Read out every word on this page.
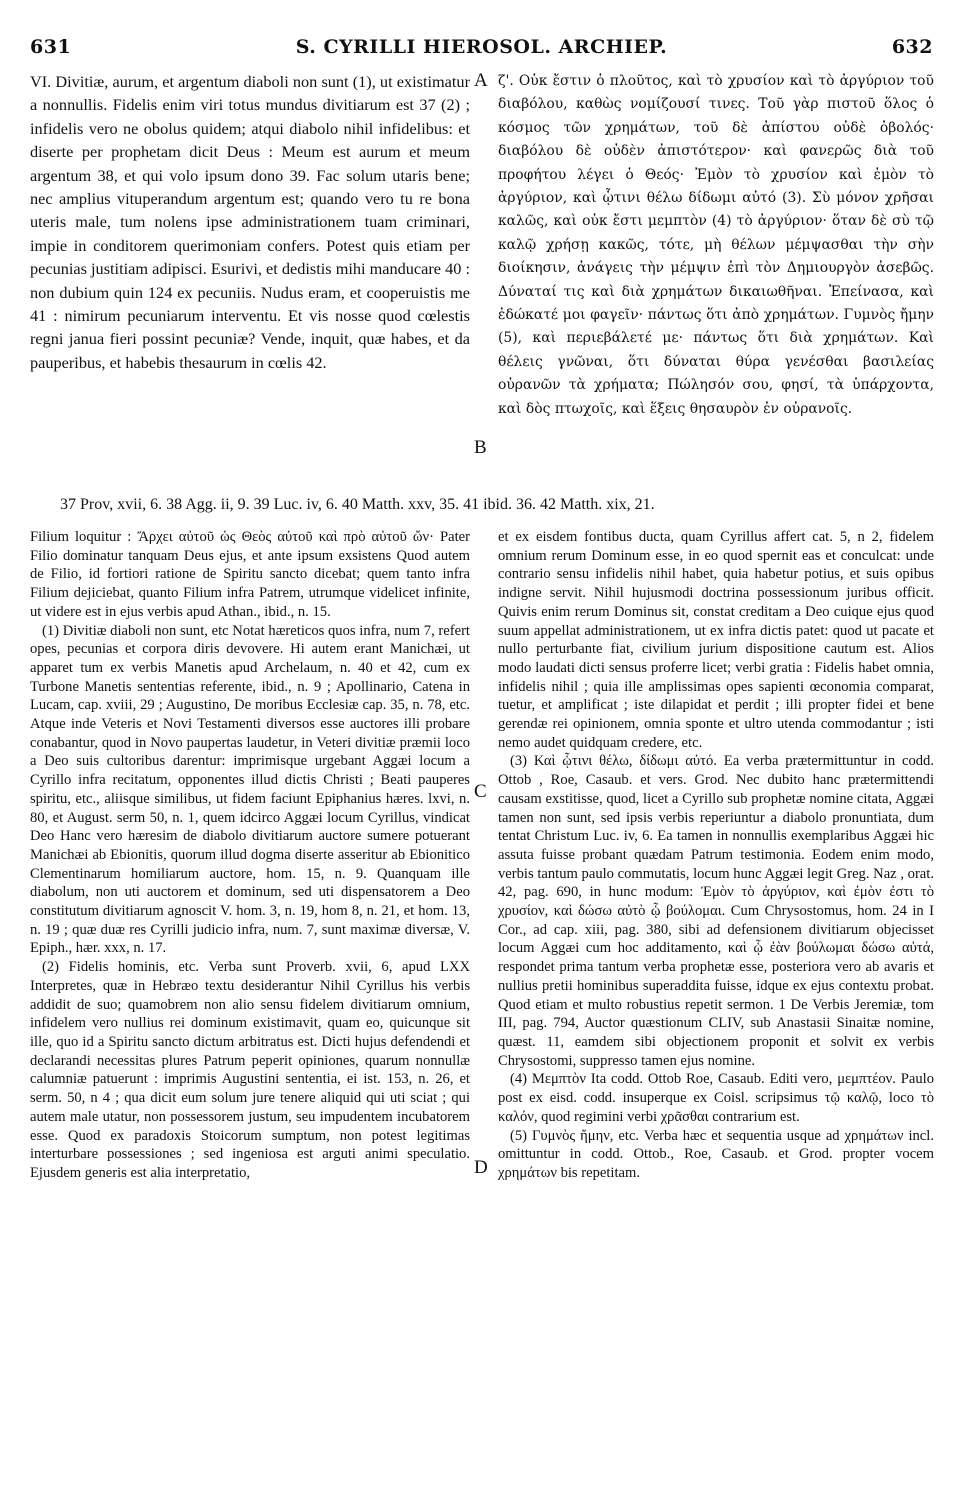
631	S. CYRILLI HIEROSOL. ARCHIEP.	632

VI. Divitiæ, aurum, et argentum diaboli non sunt (1), ut existimatur a nonnullis. Fidelis enim viri totus mundus divitiarum est 37 (2) ; infidelis vero ne obolus quidem; atqui diabolo nihil infidelibus: et diserte per prophetam dicit Deus : Meum est aurum et meum argentum 38, et qui volo ipsum dono 39. Fac solum utaris bene; nec amplius vituperandum argentum est; quando vero tu re bona uteris male, tum nolens ipse administrationem tuam criminari, impie in conditorem querimoniam confers. Potest quis etiam per pecunias justitiam adipisci. Esurivi, et dedistis mihi manducare 40 : non dubium quin 124 ex pecuniis. Nudus eram, et cooperuistis me 41 : nimirum pecuniarum interventu. Et vis nosse quod cœlestis regni janua fieri possint pecuniæ? Vende, inquit, quæ habes, et da pauperibus, et habebis thesaurum in cœlis 42.

ζ'. Οὐκ ἔστιν ὁ πλοῦτος, καὶ τὸ χρυσίον καὶ τὸ ἀργύριον τοῦ διαβόλου, καθὼς νομίζουσί τινες. Τοῦ γὰρ πιστοῦ ὅλος ὁ κόσμος τῶν χρημάτων, τοῦ δὲ ἀπίστου οὐδὲ ὀβολός· διαβόλου δὲ οὐδὲν ἀπιστότερον· καὶ φανερῶς διὰ τοῦ προφήτου λέγει ὁ Θεός· Ἐμὸν τὸ χρυσίον καὶ ἐμὸν τὸ ἀργύριον, καὶ ᾧτινι θέλω δίδωμι αὐτό (3). Σὺ μόνον χρῆσαι καλῶς, καὶ οὐκ ἔστι μεμπτὸν (4) τὸ ἀργύριον· ὅταν δὲ σὺ τῷ καλῷ χρήσῃ κακῶς, τότε, μὴ θέλων μέμψασθαι τὴν σὴν διοίκησιν, ἀνάγεις τὴν μέμψιν ἐπὶ τὸν Δημιουργὸν ἀσεβῶς. Δύναταί τις καὶ διὰ χρημάτων δικαιωθῆναι. Ἐπείνασα, καὶ ἐδώκατέ μοι φαγεῖν· πάντως ὅτι ἀπὸ χρημάτων. Γυμνὸς ἤμην (5), καὶ περιεβάλετέ με· πάντως ὅτι διὰ χρημάτων. Καὶ θέλεις γνῶναι, ὅτι δύναται θύρα γενέσθαι βασιλείας οὐρανῶν τὰ χρήματα; Πώλησόν σου, φησί, τὰ ὑπάρχοντα, καὶ δὸς πτωχοῖς, καὶ ἕξεις θησαυρὸν ἐν οὐρανοῖς.

A
B
C
D
37 Prov, xvii, 6. 38 Agg. ii, 9. 39 Luc. iv, 6. 40 Matth. xxv, 35. 41 ibid. 36. 42 Matth. xix, 21.

Filium loquitur : Ἄρχει αὐτοῦ ὡς Θεὸς αὐτοῦ καὶ πρὸ αὐτοῦ ὤν· Pater Filio dominatur tanquam Deus ejus, et ante ipsum exsistens Quod autem de Filio, id fortiori ratione de Spiritu sancto dicebat; quem tanto infra Filium dejiciebat, quanto Filium infra Patrem, utrumque videlicet infinite, ut videre est in ejus verbis apud Athan., ibid., n. 15.

(1) Divitiæ diaboli non sunt, etc Notat hæreticos quos infra, num 7, refert opes, pecunias et corpora diris devovere. Hi autem erant Manichæi, ut apparet tum ex verbis Manetis apud Archelaum, n. 40 et 42, cum ex Turbone Manetis sententias referente, ibid., n. 9 ; Apollinario, Catena in Lucam, cap. xviii, 29 ; Augustino, De moribus Ecclesiæ cap. 35, n. 78, etc. Atque inde Veteris et Novi Testamenti diversos esse auctores illi probare conabantur, quod in Novo paupertas laudetur, in Veteri divitiæ præmii loco a Deo suis cultoribus darentur: imprimisque urgebant Aggæi locum a Cyrillo infra recitatum, opponentes illud dictis Christi ; Beati pauperes spiritu, etc., aliisque similibus, ut fidem faciunt Epiphanius hæres. lxvi, n. 80, et August. serm 50, n. 1, quem idcirco Aggæi locum Cyrillus, vindicat Deo Hanc vero hæresim de diabolo divitiarum auctore sumere potuerant Manichæi ab Ebionitis, quorum illud dogma diserte asseritur ab Ebionitico Clementinarum homiliarum auctore, hom. 15, n. 9. Quanquam ille diabolum, non uti auctorem et dominum, sed uti dispensatorem a Deo constitutum divitiarum agnoscit V. hom. 3, n. 19, hom 8, n. 21, et hom. 13, n. 19 ; quæ duæ res Cyrilli judicio infra, num. 7, sunt maximæ diversæ, V. Epiph., hær. xxx, n. 17.

(2) Fidelis hominis, etc. Verba sunt Proverb. xvii, 6, apud LXX Interpretes, quæ in Hebræo textu desiderantur Nihil Cyrillus his verbis addidit de suo; quamobrem non alio sensu fidelem divitiarum omnium, infidelem vero nullius rei dominum existimavit, quam eo, quicunque sit ille, quo id a Spiritu sancto dictum arbitratus est. Dicti hujus defendendi et declarandi necessitas plures Patrum peperit opiniones, quarum nonnullæ calumniæ patuerunt : imprimis Augustini sententia, ei ist. 153, n. 26, et serm. 50, n 4 ; qua dicit eum solum jure tenere aliquid qui uti sciat ; qui autem male utatur, non possessorem justum, seu impudentem incubatorem esse. Quod ex paradoxis Stoicorum sumptum, non potest legitimas interturbare possessiones ; sed ingeniosa est arguti animi speculatio. Ejusdem generis est alia interpretatio,

et ex eisdem fontibus ducta, quam Cyrillus affert cat. 5, n 2, fidelem omnium rerum Dominum esse, in eo quod spernit eas et conculcat: unde contrario sensu infidelis nihil habet, quia habetur potius, et suis opibus indigne servit. Nihil hujusmodi doctrina possessionum juribus officit. Quivis enim rerum Dominus sit, constat creditam a Deo cuique ejus quod suum appellat administrationem, ut ex infra dictis patet: quod ut pacate et nullo perturbante fiat, civilium jurium dispositione cautum est. Alios modo laudati dicti sensus proferre licet; verbi gratia : Fidelis habet omnia, infidelis nihil ; quia ille amplissimas opes sapienti œconomia comparat, tuetur, et amplificat ; iste dilapidat et perdit ; illi propter fidei et bene gerendæ rei opinionem, omnia sponte et ultro utenda commodantur ; isti nemo audet quidquam credere, etc.

(3) Καὶ ᾧτινι θέλω, δίδωμι αὐτό. Ea verba prætermittuntur in codd. Ottob , Roe, Casaub. et vers. Grod. Nec dubito hanc prætermittendi causam exstitisse, quod, licet a Cyrillo sub prophetæ nomine citata, Aggæi tamen non sunt, sed ipsis verbis reperiuntur a diabolo pronuntiata, dum tentat Christum Luc. iv, 6. Ea tamen in nonnullis exemplaribus Aggæi hic assuta fuisse probant quædam Patrum testimonia. Eodem enim modo, verbis tantum paulo commutatis, locum hunc Aggæi legit Greg. Naz , orat. 42, pag. 690, in hunc modum: Ἐμὸν τὸ ἀργύριον, καὶ ἐμὸν ἐστι τὸ χρυσίον, καὶ δώσω αὐτὸ ᾧ βούλομαι. Cum Chrysostomus, hom. 24 in I Cor., ad cap. xiii, pag. 380, sibi ad defensionem divitiarum objecisset locum Aggæi cum hoc additamento, καὶ ᾧ ἐὰν βούλωμαι δώσω αὐτά, respondet prima tantum verba prophetæ esse, posteriora vero ab avaris et nullius pretii hominibus superaddita fuisse, idque ex ejus contextu probat. Quod etiam et multo robustius repetit sermon. 1 De Verbis Jeremiæ, tom III, pag. 794, Auctor quæstionum CLIV, sub Anastasii Sinaitæ nomine, quæst. 11, eamdem sibi objectionem proponit et solvit ex verbis Chrysostomi, suppresso tamen ejus nomine.

(4) Μεμπτὸν Ita codd. Ottob Roe, Casaub. Editi vero, μεμπτέον. Paulo post ex eisd. codd. insuperque ex Coisl. scripsimus τῷ καλῷ, loco τὸ καλόν, quod regimini verbi χρᾶσθαι contrarium est.

(5) Γυμνὸς ἤμην, etc. Verba hæc et sequentia usque ad χρημάτων incl. omittuntur in codd. Ottob., Roe, Casaub. et Grod. propter vocem χρημάτων bis repetitam.
